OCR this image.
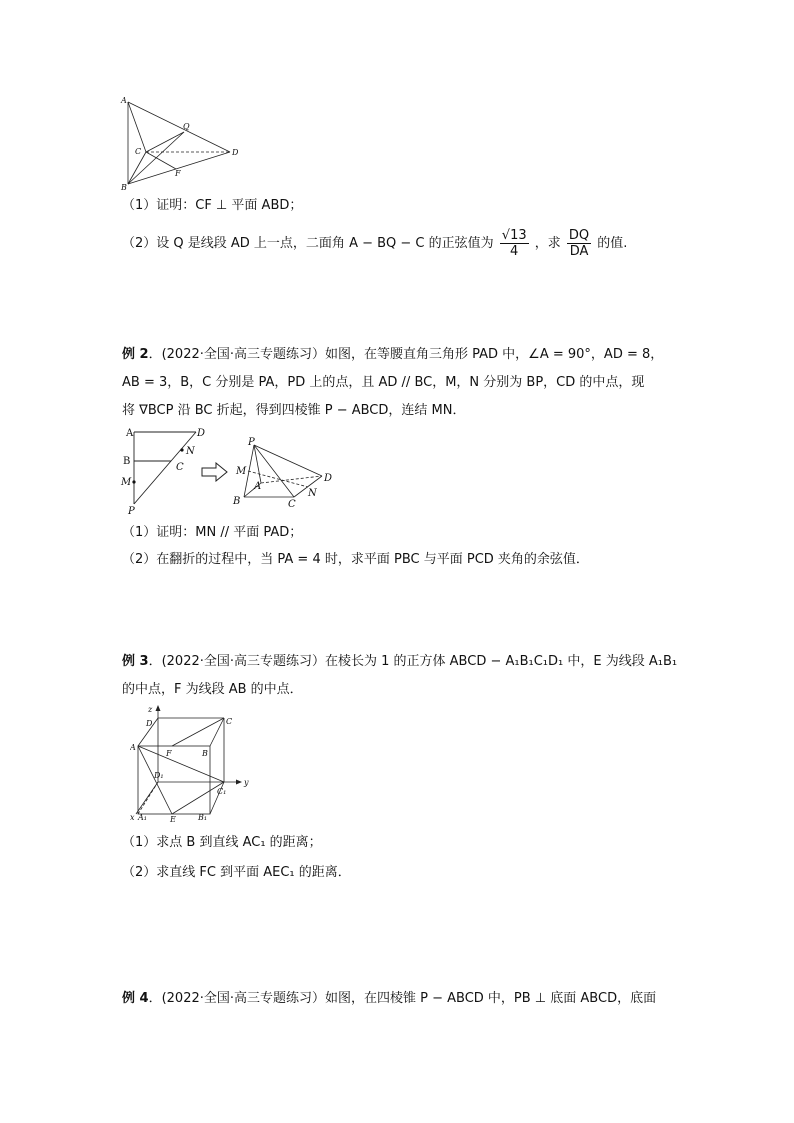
A
Q
C	D
F
B
（1）证明：CF ⊥ 平面 ABD；
（2）设 Q 是线段 AD 上一点，二面角 A − BQ − C 的正弦值为 $\frac{√13}{4}$ ，求 $\frac{DQ}{DA}$ 的值.
例 2．(2022·全国·高三专题练习）如图，在等腰直角三角形 PAD 中，∠A = 90°，AD = 8，
AB = 3，B，C 分别是 PA，PD 上的点，且 AD // BC，M，N 分别为 BP，CD 的中点，现
将 ∇BCP 沿 BC 折起，得到四棱锥 P − ABCD，连结 MN．
A	D
B
N
C
M
P
P
M
A
D
N
B	C
（1）证明：MN // 平面 PAD；
（2）在翻折的过程中，当 PA = 4 时，求平面 PBC 与平面 PCD 夹角的余弦值．
例 3．(2022·全国·高三专题练习）在棱长为 1 的正方体 ABCD − A₁B₁C₁D₁ 中，E 为线段 A₁B₁
的中点，F 为线段 AB 的中点．
z
D	C
A
F	B
D₁
C₁
y
x A₁	E	B₁
（1）求点 B 到直线 AC₁ 的距离；
（2）求直线 FC 到平面 AEC₁ 的距离．
例 4．(2022·全国·高三专题练习）如图，在四棱锥 P − ABCD 中，PB ⊥ 底面 ABCD，底面
